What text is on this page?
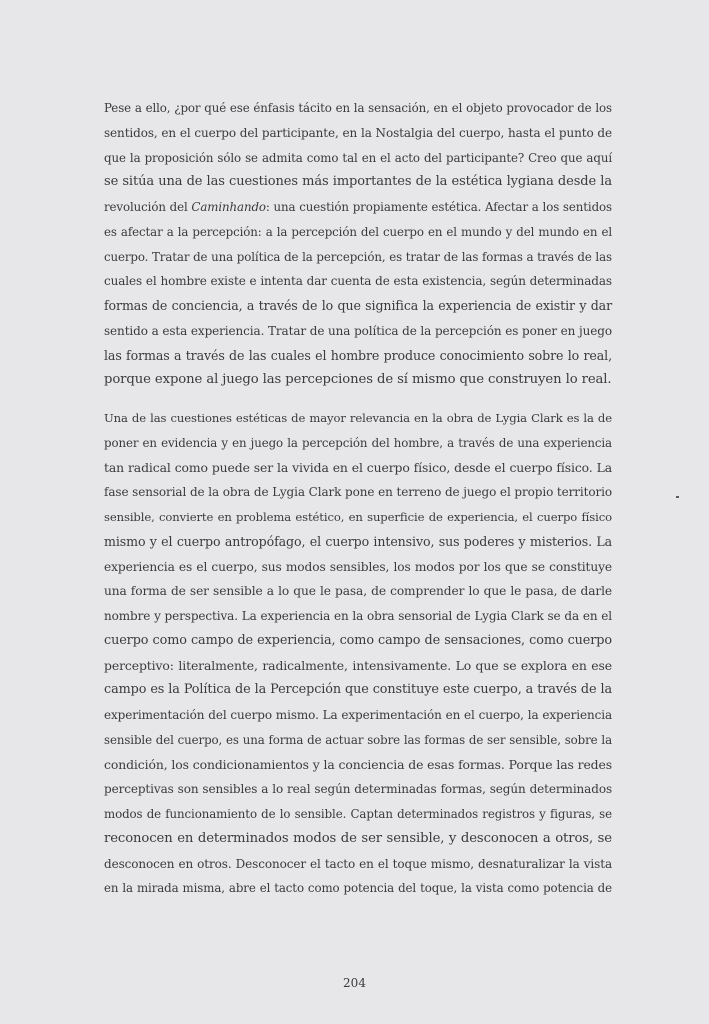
Pese a ello, ¿por qué ese énfasis tácito en la sensación, en el objeto provocador de los
sentidos, en el cuerpo del participante, en la Nostalgia del cuerpo, hasta el punto de
que la proposición sólo se admita como tal en el acto del participante? Creo que aquí
se sitúa una de las cuestiones más importantes de la estética lygiana desde la
revolución del Caminhando: una cuestión propiamente estética. Afectar a los sentidos
es afectar a la percepción: a la percepción del cuerpo en el mundo y del mundo en el
cuerpo. Tratar de una política de la percepción, es tratar de las formas a través de las
cuales el hombre existe e intenta dar cuenta de esta existencia, según determinadas
formas de conciencia, a través de lo que significa la experiencia de existir y dar
sentido a esta experiencia. Tratar de una política de la percepción es poner en juego
las formas a través de las cuales el hombre produce conocimiento sobre lo real,
porque expone al juego las percepciones de sí mismo que construyen lo real.
Una de las cuestiones estéticas de mayor relevancia en la obra de Lygia Clark es la de
poner en evidencia y en juego la percepción del hombre, a través de una experiencia
tan radical como puede ser la vivida en el cuerpo físico, desde el cuerpo físico. La
fase sensorial de la obra de Lygia Clark pone en terreno de juego el propio territorio
sensible, convierte en problema estético, en superficie de experiencia, el cuerpo físico
mismo y el cuerpo antropófago, el cuerpo intensivo, sus poderes y misterios. La
experiencia es el cuerpo, sus modos sensibles, los modos por los que se constituye
una forma de ser sensible a lo que le pasa, de comprender lo que le pasa, de darle
nombre y perspectiva. La experiencia en la obra sensorial de Lygia Clark se da en el
cuerpo como campo de experiencia, como campo de sensaciones, como cuerpo
perceptivo: literalmente, radicalmente, intensivamente. Lo que se explora en ese
campo es la Política de la Percepción que constituye este cuerpo, a través de la
experimentación del cuerpo mismo. La experimentación en el cuerpo, la experiencia
sensible del cuerpo, es una forma de actuar sobre las formas de ser sensible, sobre la
condición, los condicionamientos y la conciencia de esas formas. Porque las redes
perceptivas son sensibles a lo real según determinadas formas, según determinados
modos de funcionamiento de lo sensible. Captan determinados registros y figuras, se
reconocen en determinados modos de ser sensible, y desconocen a otros, se
desconocen en otros. Desconocer el tacto en el toque mismo, desnaturalizar la vista
en la mirada misma, abre el tacto como potencia del toque, la vista como potencia de
204
